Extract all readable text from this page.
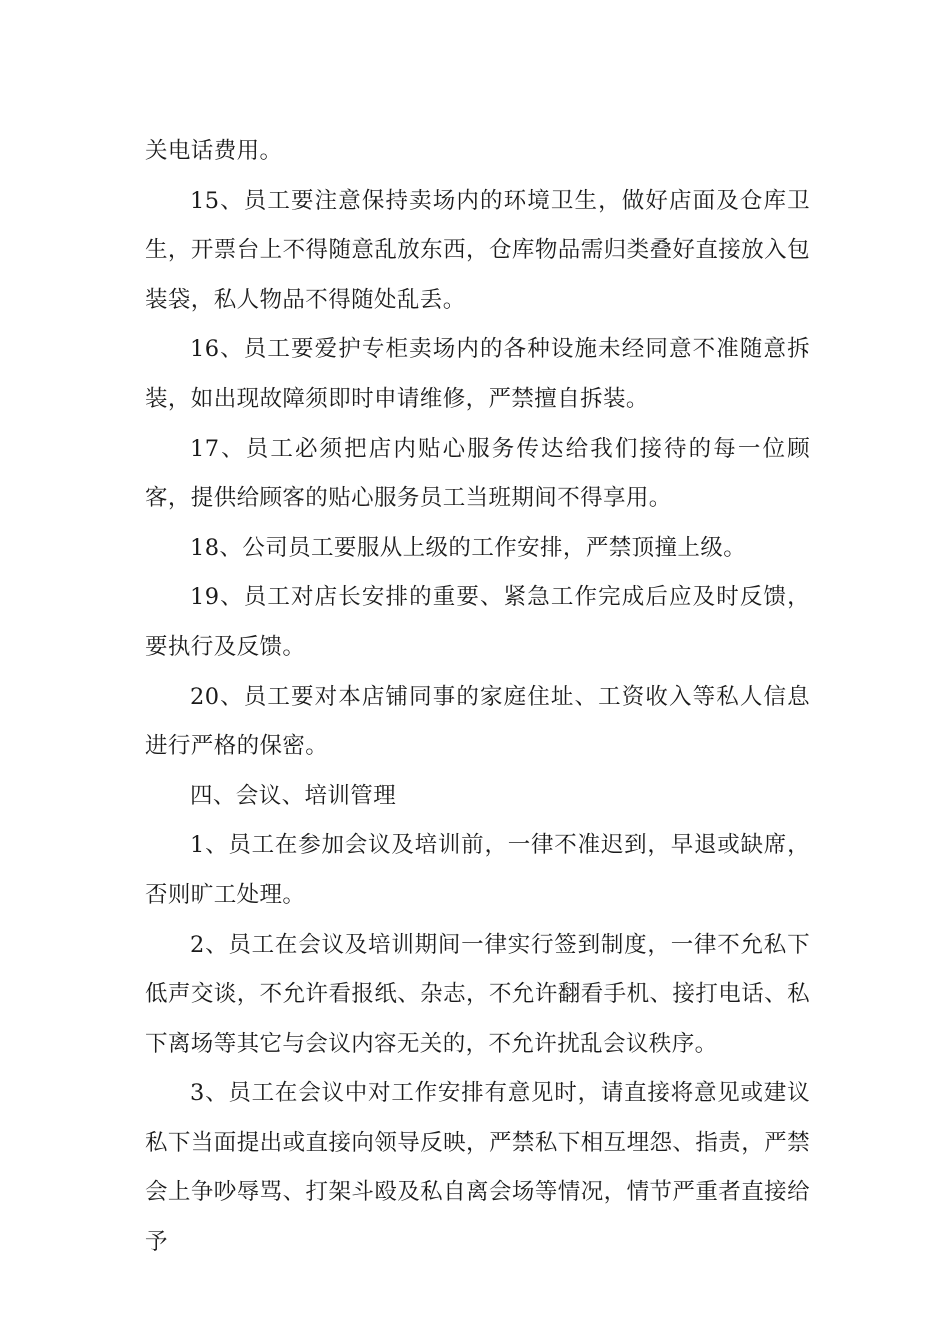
关电话费用。

15、员工要注意保持卖场内的环境卫生，做好店面及仓库卫生，开票台上不得随意乱放东西，仓库物品需归类叠好直接放入包装袋，私人物品不得随处乱丢。

16、员工要爱护专柜卖场内的各种设施未经同意不准随意拆装，如出现故障须即时申请维修，严禁擅自拆装。

17、员工必须把店内贴心服务传达给我们接待的每一位顾客，提供给顾客的贴心服务员工当班期间不得享用。

18、公司员工要服从上级的工作安排，严禁顶撞上级。

19、员工对店长安排的重要、紧急工作完成后应及时反馈，要执行及反馈。

20、员工要对本店铺同事的家庭住址、工资收入等私人信息进行严格的保密。

四、会议、培训管理

1、员工在参加会议及培训前，一律不准迟到，早退或缺席，否则旷工处理。

2、员工在会议及培训期间一律实行签到制度，一律不允私下低声交谈，不允许看报纸、杂志，不允许翻看手机、接打电话、私下离场等其它与会议内容无关的，不允许扰乱会议秩序。

3、员工在会议中对工作安排有意见时，请直接将意见或建议私下当面提出或直接向领导反映，严禁私下相互埋怨、指责，严禁会上争吵辱骂、打架斗殴及私自离会场等情况，情节严重者直接给予
